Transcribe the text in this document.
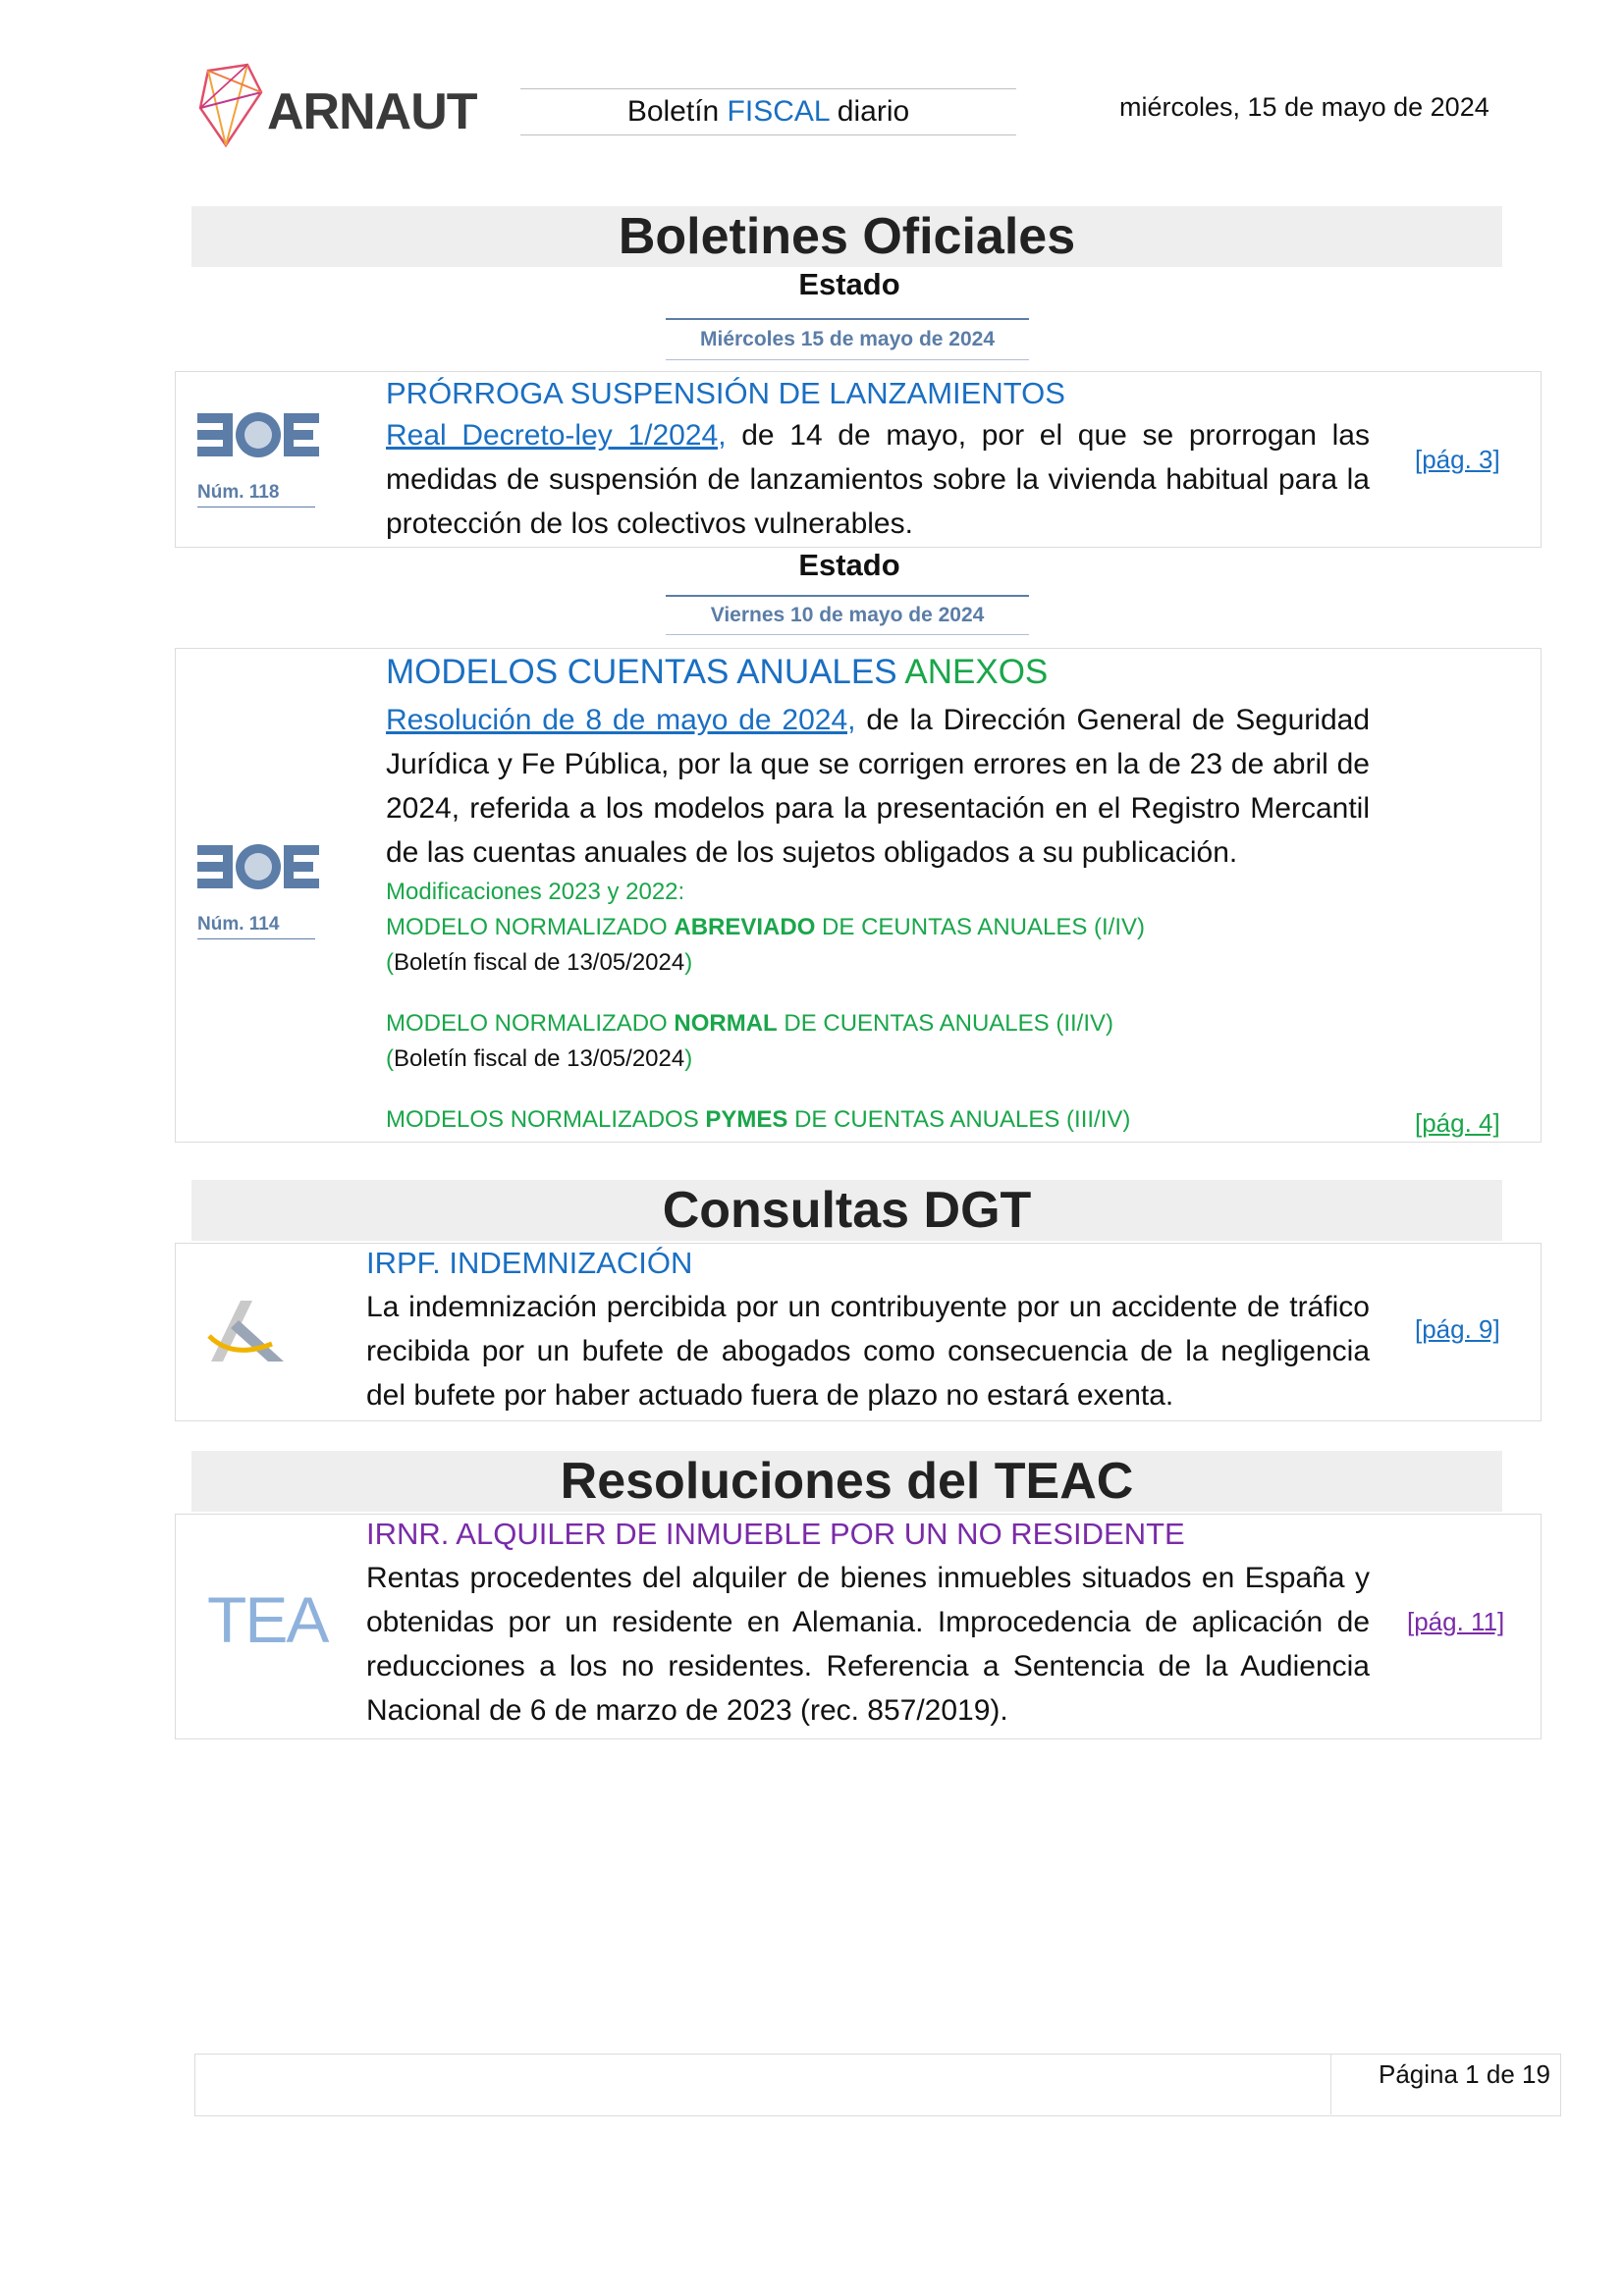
ARNAUT	Boletín FISCAL diario	miércoles, 15 de mayo de 2024
Boletines Oficiales
Estado
Miércoles 15 de mayo de 2024
Núm. 118
PRÓRROGA SUSPENSIÓN DE LANZAMIENTOS
Real Decreto-ley 1/2024, de 14 de mayo, por el que se prorrogan las medidas de suspensión de lanzamientos sobre la vivienda habitual para la protección de los colectivos vulnerables.
[pág. 3]
Estado
Viernes 10 de mayo de 2024
Núm. 114
MODELOS CUENTAS ANUALES ANEXOS
Resolución de 8 de mayo de 2024, de la Dirección General de Seguridad Jurídica y Fe Pública, por la que se corrigen errores en la de 23 de abril de 2024, referida a los modelos para la presentación en el Registro Mercantil de las cuentas anuales de los sujetos obligados a su publicación.
Modificaciones 2023 y 2022:
MODELO NORMALIZADO ABREVIADO DE CEUNTAS ANUALES (I/IV)
(Boletín fiscal de 13/05/2024)
MODELO NORMALIZADO NORMAL DE CUENTAS ANUALES (II/IV)
(Boletín fiscal de 13/05/2024)
MODELOS NORMALIZADOS PYMES DE CUENTAS ANUALES (III/IV)	[pág. 4]
Consultas DGT
IRPF. INDEMNIZACIÓN
La indemnización percibida por un contribuyente por un accidente de tráfico recibida por un bufete de abogados como consecuencia de la negligencia del bufete por haber actuado fuera de plazo no estará exenta.
[pág. 9]
Resoluciones del TEAC
TEA
IRNR. ALQUILER DE INMUEBLE POR UN NO RESIDENTE
Rentas procedentes del alquiler de bienes inmuebles situados en España y obtenidas por un residente en Alemania. Improcedencia de aplicación de reducciones a los no residentes. Referencia a Sentencia de la Audiencia Nacional de 6 de marzo de 2023 (rec. 857/2019).
[pág. 11]
Página 1 de 19
